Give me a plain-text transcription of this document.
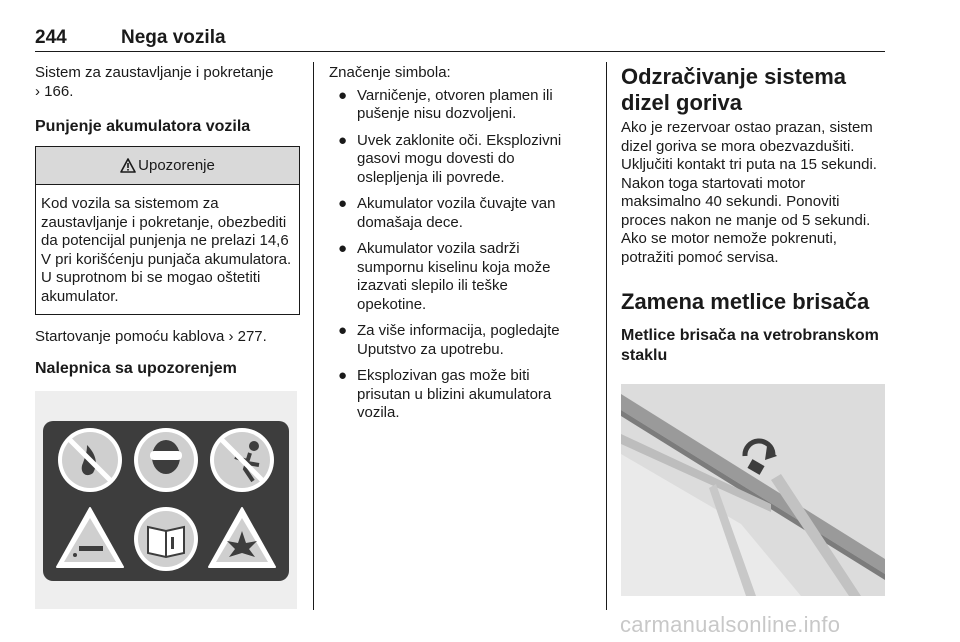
244	Nega vozila

Sistem za zaustavljanje i pokretanje
› 166.

Punjenje akumulatora vozila

Upozorenje

Kod vozila sa sistemom za zaustavljanje i pokretanje, obezbediti da potencijal punjenja ne prelazi 14,6 V pri korišćenju punjača akumulatora. U suprotnom bi se mogao oštetiti akumulator.

Startovanje pomoću kablova › 277.

Nalepnica sa upozorenjem

Značenje simbola:

● Varničenje, otvoren plamen ili pušenje nisu dozvoljeni.
● Uvek zaklonite oči. Eksplozivni gasovi mogu dovesti do oslepljenja ili povrede.
● Akumulator vozila čuvajte van domašaja dece.
● Akumulator vozila sadrži sumpornu kiselinu koja može izazvati slepilo ili teške opekotine.
● Za više informacija, pogledajte Uputstvo za upotrebu.
● Eksplozivan gas može biti prisutan u blizini akumulatora vozila.

Odzračivanje sistema dizel goriva

Ako je rezervoar ostao prazan, sistem dizel goriva se mora obezvazdušiti. Uključiti kontakt tri puta na 15 sekundi. Nakon toga startovati motor maksimalno 40 sekundi. Ponoviti proces nakon ne manje od 5 sekundi. Ako se motor nemože pokrenuti, potražiti pomoć servisa.

Zamena metlice brisača

Metlice brisača na vetrobranskom staklu

carmanualsonline.info
